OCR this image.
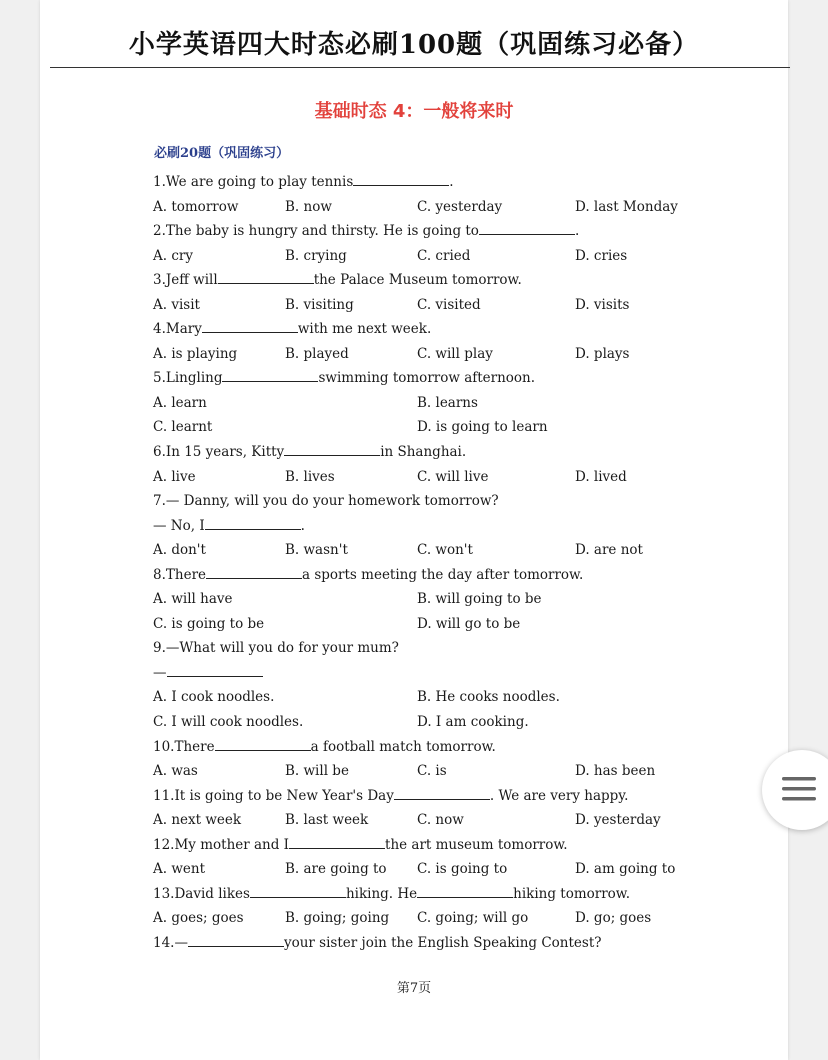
小学英语四大时态必刷100题（巩固练习必备）
基础时态 4：一般将来时
必刷20题（巩固练习）
1.We are going to play tennis	.
A. tomorrow	B. now	C. yesterday	D. last Monday
2.The baby is hungry and thirsty. He is going to	.
A. cry	B. crying	C. cried	D. cries
3.Jeff will	the Palace Museum tomorrow.
A. visit	B. visiting	C. visited	D. visits
4.Mary	with me next week.
A. is playing	B. played	C. will play	D. plays
5.Lingling	swimming tomorrow afternoon.
A. learn	B. learns
C. learnt	D. is going to learn
6.In 15 years, Kitty	in Shanghai.
A. live	B. lives	C. will live	D. lived
7.— Danny, will you do your homework tomorrow?
— No, I	.
A. don't	B. wasn't	C. won't	D. are not
8.There	a sports meeting the day after tomorrow.
A. will have	B. will going to be
C. is going to be	D. will go to be
9.—What will you do for your mum?
—
A. I cook noodles.	B. He cooks noodles.
C. I will cook noodles.	D. I am cooking.
10.There	a football match tomorrow.
A. was	B. will be	C. is	D. has been
11.It is going to be New Year's Day	. We are very happy.
A. next week	B. last week	C. now	D. yesterday
12.My mother and I	the art museum tomorrow.
A. went	B. are going to C. is going to	D. am going to
13.David likes	hiking. He	hiking tomorrow.
A. goes; goes	B. going; going C. going; will go	D. go; goes
14.—	your sister join the English Speaking Contest?
第7页
